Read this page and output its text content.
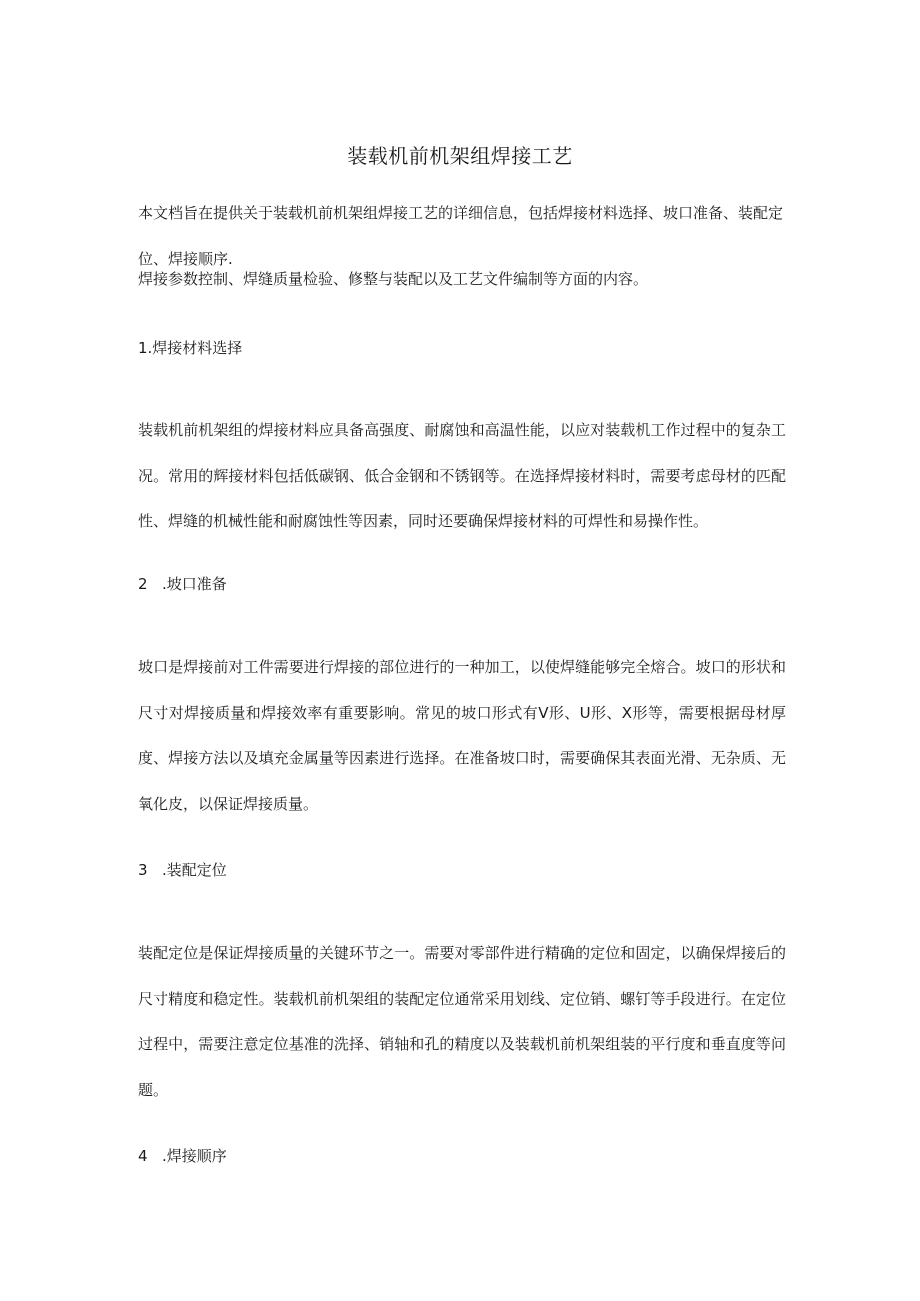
装载机前机架组焊接工艺
本文档旨在提供关于装载机前机架组焊接工艺的详细信息，包括焊接材料选择、坡口准备、装配定位、焊接顺序.
焊接参数控制、焊缝质量检验、修整与装配以及工艺文件编制等方面的内容。
1.焊接材料选择
装载机前机架组的焊接材料应具备高强度、耐腐蚀和高温性能，以应对装载机工作过程中的复杂工况。常用的辉接材料包括低碳钢、低合金钢和不锈钢等。在选择焊接材料时，需要考虑母材的匹配性、焊缝的机械性能和耐腐蚀性等因素，同时还要确保焊接材料的可焊性和易操作性。
2 .坡口准备
坡口是焊接前对工件需要进行焊接的部位进行的一种加工，以使焊缝能够完全熔合。坡口的形状和尺寸对焊接质量和焊接效率有重要影响。常见的坡口形式有V形、U形、X形等，需要根据母材厚度、焊接方法以及填充金属量等因素进行选择。在准备坡口时，需要确保其表面光滑、无杂质、无氧化皮，以保证焊接质量。
3 .装配定位
装配定位是保证焊接质量的关键环节之一。需要对零部件进行精确的定位和固定，以确保焊接后的尺寸精度和稳定性。装载机前机架组的装配定位通常采用划线、定位销、螺钉等手段进行。在定位过程中，需要注意定位基准的洗择、销轴和孔的精度以及装载机前机架组装的平行度和垂直度等问题。
4 .焊接顺序
